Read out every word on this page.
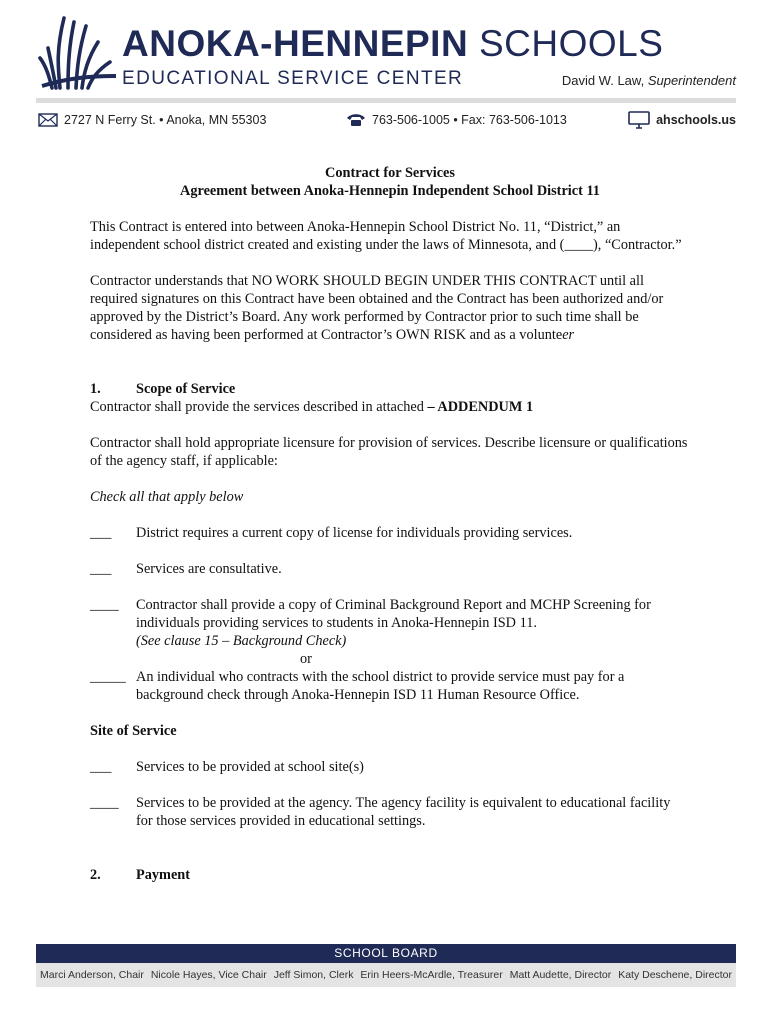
ANOKA-HENNEPIN SCHOOLS
EDUCATIONAL SERVICE CENTER	David W. Law, Superintendent
2727 N Ferry St. • Anoka, MN 55303	763-506-1005 • Fax: 763-506-1013	ahschools.us

Contract for Services

Agreement between Anoka-Hennepin Independent School District 11

This Contract is entered into between Anoka-Hennepin School District No. 11, “District,” an independent school district created and existing under the laws of Minnesota, and (____), “Contractor.”

Contractor understands that NO WORK SHOULD BEGIN UNDER THIS CONTRACT until all required signatures on this Contract have been obtained and the Contract has been authorized and/or approved by the District’s Board. Any work performed by Contractor prior to such time shall be considered as having been performed at Contractor’s OWN RISK and as a volunteer

1.	Scope of Service

Contractor shall provide the services described in attached – ADDENDUM 1

Contractor shall hold appropriate licensure for provision of services. Describe licensure or qualifications of the agency staff, if applicable:

Check all that apply below

___	District requires a current copy of license for individuals providing services.
___	Services are consultative.
____	Contractor shall provide a copy of Criminal Background Report and MCHP Screening for individuals providing services to students in Anoka-Hennepin ISD 11.
(See clause 15 – Background Check)

or

_____ An individual who contracts with the school district to provide service must pay for a background check through Anoka-Hennepin ISD 11 Human Resource Office.

Site of Service

___	Services to be provided at school site(s)
____	Services to be provided at the agency. The agency facility is equivalent to educational facility for those services provided in educational settings.
2.	Payment
SCHOOL BOARD
Marci Anderson, Chair Nicole Hayes, Vice Chair Jeff Simon, Clerk Erin Heers-McArdle, Treasurer Matt Audette, Director Katy Deschene, Director
